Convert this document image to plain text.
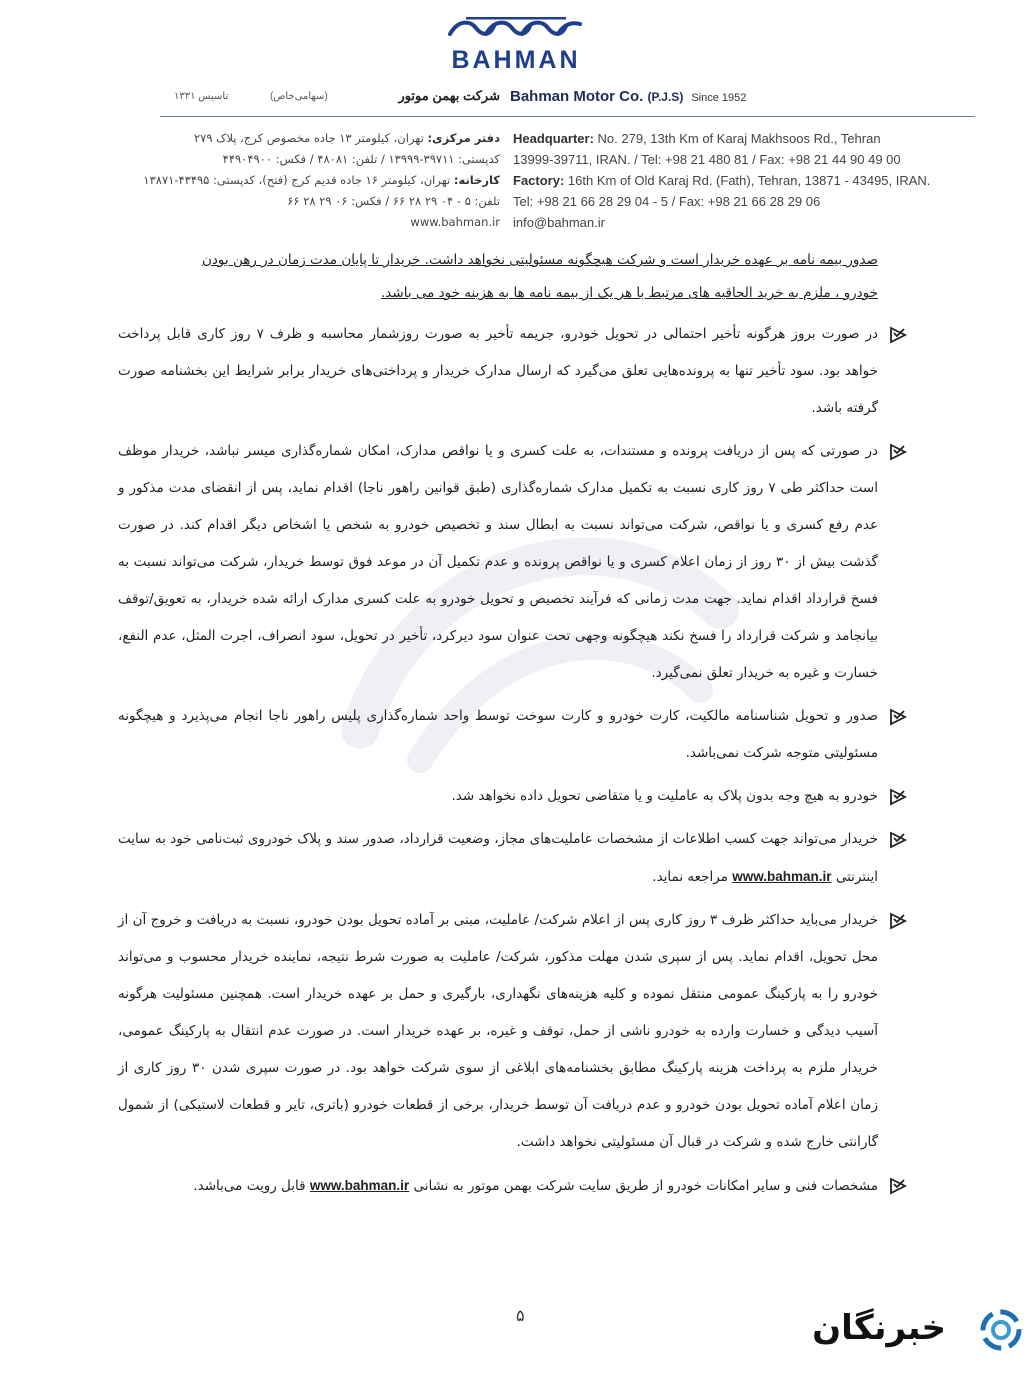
BAHMAN
تاسیس ۱۳۳۱	(سهامی‌خاص)	شرکت بهمن موتور Bahman Motor Co. (P.J.S) Since 1952
Headquarter: No. 279, 13th Km of Karaj Makhsoos Rd., Tehran
13999-39711, IRAN. / Tel: +98 21 480 81 / Fax: +98 21 44 90 49 00
Factory: 16th Km of Old Karaj Rd. (Fath), Tehran, 13871 - 43495, IRAN.
Tel: +98 21 66 28 29 04 - 5 / Fax: +98 21 66 28 29 06
info@bahman.ir
دفتر مرکزی: تهران، کیلومتر ۱۳ جاده مخصوص کرج، پلاک ۲۷۹
کدپستی: ۳۹۷۱۱-۱۳۹۹۹ / تلفن: ۴۸۰۸۱ / فکس: ۴۴۹۰۴۹۰۰
کارخانه: تهران، کیلومتر ۱۶ جاده قدیم کرج (فتح)، کدپستی: ۴۳۴۹۵-۱۳۸۷۱
تلفن: ۵ - ۰۴ ۲۹ ۲۸ ۶۶ / فکس: ۰۶ ۲۹ ۲۸ ۶۶
www.bahman.ir

صدور بیمه نامه بر عهده خریدار است و شرکت هیچگونه مسئولیتی نخواهد داشت. خریدار تا پایان مدت زمان در رهن بودن
خودرو ، ملزم به خرید الحاقیه های مرتبط با هر یک از بیمه نامه ها به هزینه خود می باشد.

در صورت بروز هرگونه تأخیر احتمالی در تحویل خودرو، جریمه تأخیر به صورت روزشمار محاسبه و ظرف ۷ روز کاری قابل پرداخت خواهد بود. سود تأخیر تنها به پرونده‌هایی تعلق می‌گیرد که ارسال مدارک خریدار و پرداختی‌های خریدار برابر شرایط این بخشنامه صورت گرفته باشد.
در صورتی که پس از دریافت پرونده و مستندات، به علت کسری و یا نواقص مدارک، امکان شماره‌گذاری میسر نباشد، خریدار موظف است حداکثر طی ۷ روز کاری نسبت به تکمیل مدارک شماره‌گذاری (طبق قوانین راهور ناجا) اقدام نماید، پس از انقضای مدت مذکور و عدم رفع کسری و یا نواقص، شرکت می‌تواند نسبت به ابطال سند و تخصیص خودرو به شخص یا اشخاص دیگر اقدام کند. در صورت گذشت بیش از ۳۰ روز از زمان اعلام کسری و یا نواقص پرونده و عدم تکمیل آن در موعد فوق توسط خریدار، شرکت می‌تواند نسبت به فسخ قرارداد اقدام نماید. جهت مدت زمانی که فرآیند تخصیص و تحویل خودرو به علت کسری مدارک ارائه شده خریدار، به تعویق/توقف بیانجامد و شرکت قرارداد را فسخ نکند هیچگونه وجهی تحت عنوان سود دیرکرد، تأخیر در تحویل، سود انصراف، اجرت المثل، عدم النفع، خسارت و غیره به خریدار تعلق نمی‌گیرد.
صدور و تحویل شناسنامه مالکیت، کارت خودرو و کارت سوخت توسط واحد شماره‌گذاری پلیس راهور ناجا انجام می‌پذیرد و هیچگونه مسئولیتی متوجه شرکت نمی‌باشد.
خودرو به هیچ وجه بدون پلاک به عاملیت و یا متقاضی تحویل داده نخواهد شد.
خریدار می‌تواند جهت کسب اطلاعات از مشخصات عاملیت‌های مجاز، وضعیت قرارداد، صدور سند و پلاک خودروی ثبت‌نامی خود به سایت اینترنتی www.bahman.ir مراجعه نماید.
خریدار می‌باید حداکثر ظرف ۳ روز کاری پس از اعلام شرکت/ عاملیت، مبنی بر آماده تحویل بودن خودرو، نسبت به دریافت و خروج آن از محل تحویل، اقدام نماید. پس از سپری شدن مهلت مذکور، شرکت/ عاملیت به صورت شرط نتیجه، نماینده خریدار محسوب و می‌تواند خودرو را به پارکینگ عمومی منتقل نموده و کلیه هزینه‌های نگهداری، بارگیری و حمل بر عهده خریدار است. همچنین مسئولیت هرگونه آسیب دیدگی و خسارت وارده به خودرو ناشی از حمل، توقف و غیره، بر عهده خریدار است. در صورت عدم انتقال به پارکینگ عمومی، خریدار ملزم به پرداخت هزینه پارکینگ مطابق بخشنامه‌های ابلاغی از سوی شرکت خواهد بود. در صورت سپری شدن ۳۰ روز کاری از زمان اعلام آماده تحویل بودن خودرو و عدم دریافت آن توسط خریدار، برخی از قطعات خودرو (باتری، تایر و قطعات لاستیکی) از شمول گارانتی خارج شده و شرکت در قبال آن مسئولیتی نخواهد داشت.
مشخصات فنی و سایر امکانات خودرو از طریق سایت شرکت بهمن موتور به نشانی www.bahman.ir قابل رویت می‌باشد.
۵	خبرنگان
